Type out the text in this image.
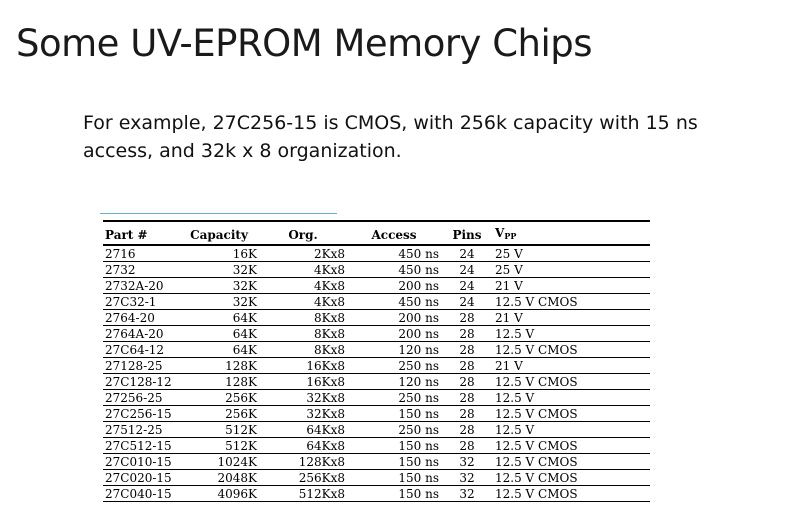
Some UV-EPROM Memory Chips
For example, 27C256-15 is CMOS, with 256k capacity with 15 ns access, and 32k x 8 organization.
Part #	Capacity	Org.	Access	Pins	VPP
2716	16K	2Kx8	450 ns	24	25 V
2732	32K	4Kx8	450 ns	24	25 V
2732A-20	32K	4Kx8	200 ns	24	21 V
27C32-1	32K	4Kx8	450 ns	24	12.5 V CMOS
2764-20	64K	8Kx8	200 ns	28	21 V
2764A-20	64K	8Kx8	200 ns	28	12.5 V
27C64-12	64K	8Kx8	120 ns	28	12.5 V CMOS
27128-25	128K	16Kx8	250 ns	28	21 V
27C128-12	128K	16Kx8	120 ns	28	12.5 V CMOS
27256-25	256K	32Kx8	250 ns	28	12.5 V
27C256-15	256K	32Kx8	150 ns	28	12.5 V CMOS
27512-25	512K	64Kx8	250 ns	28	12.5 V
27C512-15	512K	64Kx8	150 ns	28	12.5 V CMOS
27C010-15	1024K	128Kx8	150 ns	32	12.5 V CMOS
27C020-15	2048K	256Kx8	150 ns	32	12.5 V CMOS
27C040-15	4096K	512Kx8	150 ns	32	12.5 V CMOS
